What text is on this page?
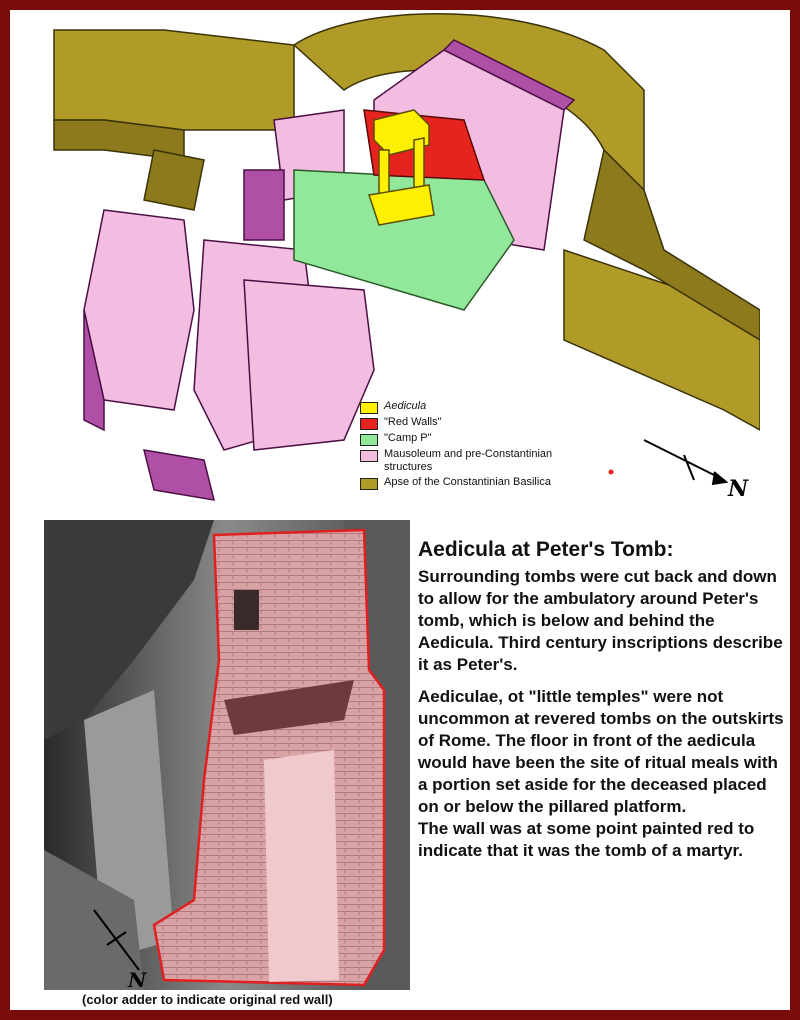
N
Aedicula
"Red Walls"
"Camp P"
Mausoleum and pre-Constantinian structures
Apse of the Constantinian Basilica
N
(color adder to indicate original red wall)
Aedicula at Peter's Tomb:

Surrounding tombs were cut back and down to allow for the ambulatory around Peter's tomb, which is below and behind the Aedicula. Third century inscriptions describe it as Peter's.

Aediculae, ot "little temples" were not uncommon at revered tombs on the outskirts of Rome. The floor in front of the aedicula would have been the site of ritual meals with a portion set aside for the deceased placed on or below the pillared platform.
The wall was at some point painted red to indicate that it was the tomb of a martyr.
